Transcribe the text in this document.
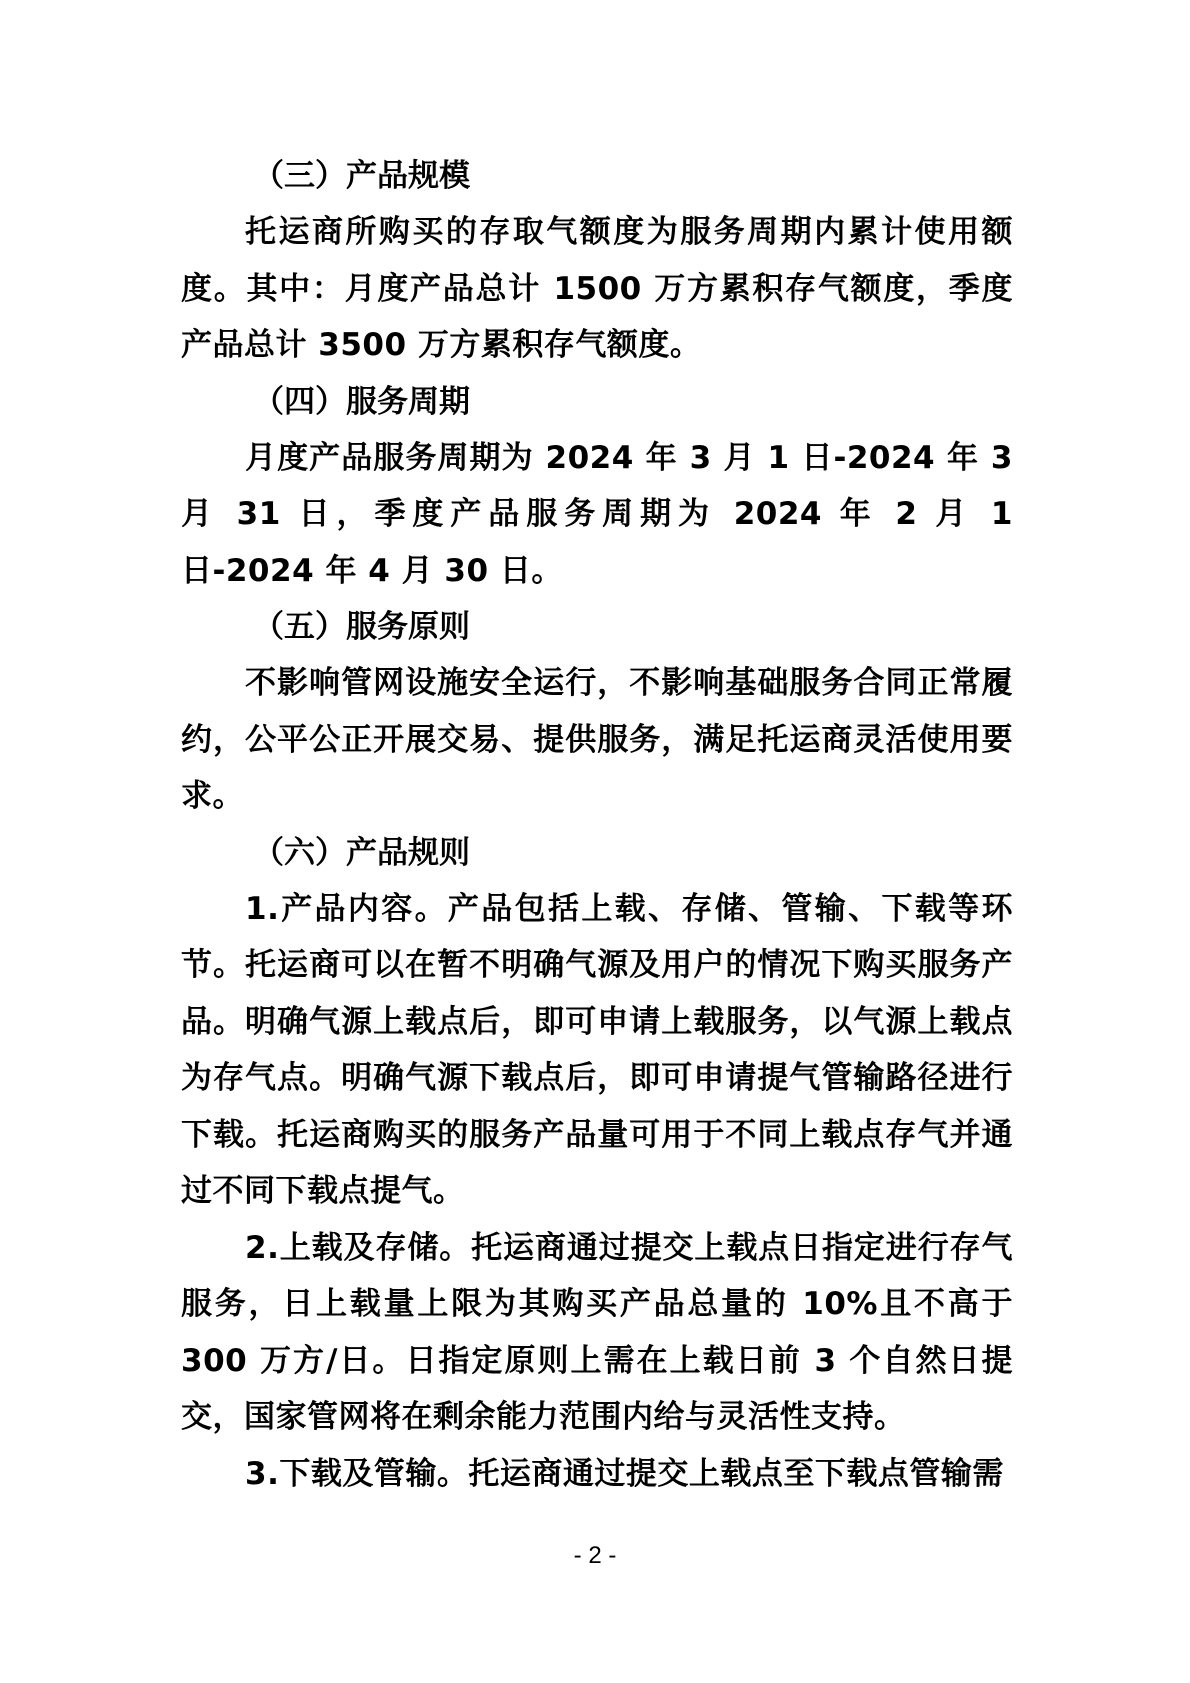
（三）产品规模
托运商所购买的存取气额度为服务周期内累计使用额度。其中：月度产品总计 1500 万方累积存气额度，季度产品总计 3500 万方累积存气额度。
（四）服务周期
月度产品服务周期为 2024 年 3 月 1 日-2024 年 3 月 31 日，季度产品服务周期为 2024 年 2 月 1 日-2024 年 4 月 30 日。
（五）服务原则
不影响管网设施安全运行，不影响基础服务合同正常履约，公平公正开展交易、提供服务，满足托运商灵活使用要求。
（六）产品规则
1.产品内容。产品包括上载、存储、管输、下载等环节。托运商可以在暂不明确气源及用户的情况下购买服务产品。明确气源上载点后，即可申请上载服务，以气源上载点为存气点。明确气源下载点后，即可申请提气管输路径进行下载。托运商购买的服务产品量可用于不同上载点存气并通过不同下载点提气。
2.上载及存储。托运商通过提交上载点日指定进行存气服务，日上载量上限为其购买产品总量的 10%且不高于 300 万方/日。日指定原则上需在上载日前 3 个自然日提交，国家管网将在剩余能力范围内给与灵活性支持。
3.下载及管输。托运商通过提交上载点至下载点管输需
- 2 -
